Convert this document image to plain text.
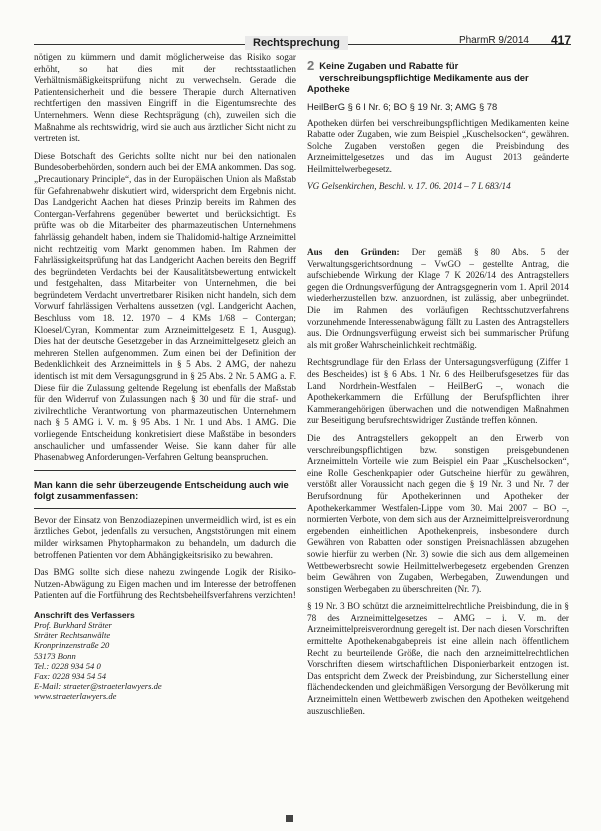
Rechtsprechung	PharmR 9/2014 417

nötigen zu kümmern und damit möglicherweise das Risiko sogar erhöht, so hat dies mit der rechtsstaatlichen Verhältnismäßigkeitsprüfung nicht zu verwechseln. Gerade die Patientensicherheit und die bessere Therapie durch Alternativen rechtfertigen den massiven Eingriff in die Eigentumsrechte des Unternehmers. Wenn diese Rechtsprägung (ch), zuweilen sich die Maßnahme als rechtswidrig, wird sie auch aus ärztlicher Sicht nicht zu vertreten ist.

Diese Botschaft des Gerichts sollte nicht nur bei den nationalen Bundesoberbehörden, sondern auch bei der EMA ankommen. Das sog. „Precautionary Principle“, das in der Europäischen Union als Maßstab für Gefahrenabwehr diskutiert wird, widerspricht dem Ergebnis nicht. Das Landgericht Aachen hat dieses Prinzip bereits im Rahmen des Contergan-Verfahrens gegenüber bewertet und berücksichtigt. Es prüfte was ob die Mitarbeiter des pharmazeutischen Unternehmens fahrlässig gehandelt haben, indem sie Thalidomid-haltige Arzneimittel nicht rechtzeitig vom Markt genommen haben. Im Rahmen der Fahrlässigkeitsprüfung hat das Landgericht Aachen bereits den Begriff des begründeten Verdachts bei der Kausalitätsbewertung entwickelt und festgehalten, dass Mitarbeiter von Unternehmen, die bei begründetem Verdacht unvertretbarer Risiken nicht handeln, sich dem Vorwurf fahrlässigen Verhaltens aussetzen (vgl. Landgericht Aachen, Beschluss vom 18. 12. 1970 – 4 KMs 1/68 – Contergan; Kloesel/Cyran, Kommentar zum Arzneimittelgesetz E 1, Ausgug). Dies hat der deutsche Gesetzgeber in das Arzneimittelgesetz gleich an mehreren Stellen aufgenommen. Zum einen bei der Definition der Bedenklichkeit des Arzneimittels in § 5 Abs. 2 AMG, der nahezu identisch ist mit dem Versagungsgrund in § 25 Abs. 2 Nr. 5 AMG a. F. Diese für die Zulassung geltende Regelung ist ebenfalls der Maßstab für den Widerruf von Zulassungen nach § 30 und für die straf- und zivilrechtliche Verantwortung von pharmazeutischen Unternehmern nach § 5 AMG i. V. m. § 95 Abs. 1 Nr. 1 und Abs. 1 AMG. Die vorliegende Entscheidung konkretisiert diese Maßstäbe in besonders anschaulicher und umfassender Weise. Sie kann daher für alle Phasenabweg Anforderungen-Verfahren Geltung beanspruchen.

Man kann die sehr überzeugende Entscheidung auch wie folgt zusammenfassen:

Bevor der Einsatz von Benzodiazepinen unvermeidlich wird, ist es ein ärztliches Gebot, jedenfalls zu versuchen, Angststörungen mit einem milder wirksamen Phytopharmakon zu behandeln, um dadurch die betroffenen Patienten vor dem Abhängigkeitsrisiko zu bewahren.

Das BMG sollte sich diese nahezu zwingende Logik der Risiko-Nutzen-Abwägung zu Eigen machen und im Interesse der betroffenen Patienten auf die Fortführung des Rechtsbeheilfsverfahrens verzichten!

Anschrift des Verfassers
Prof. Burkhard Sträter
Sträter Rechtsanwälte
Kronprinzenstraße 20
53173 Bonn
Tel.: 0228 934 54 0
Fax: 0228 934 54 54
E-Mail: straeter@straeterlawyers.de
www.straeterlawyers.de
2 Keine Zugaben und Rabatte für verschreibungspflichtige Medikamente aus der Apotheke
HeilBerG § 6 I Nr. 6; BO § 19 Nr. 3; AMG § 78

Apotheken dürfen bei verschreibungspflichtigen Medikamenten keine Rabatte oder Zugaben, wie zum Beispiel „Kuschelsocken“, gewähren. Solche Zugaben verstoßen gegen die Preisbindung des Arzneimittelgesetzes und das im August 2013 geänderte Heilmittelwerbegesetz.

VG Gelsenkirchen, Beschl. v. 17. 06. 2014 – 7 L 683/14

Aus den Gründen: Der gemäß § 80 Abs. 5 der Verwaltungsgerichtsordnung – VwGO – gestellte Antrag, die aufschiebende Wirkung der Klage 7 K 2026/14 des Antragstellers gegen die Ordnungsverfügung der Antragsgegnerin vom 1. April 2014 wiederherzustellen bzw. anzuordnen, ist zulässig, aber unbegründet. Die im Rahmen des vorläufigen Rechtsschutzverfahrens vorzunehmende Interessenabwägung fällt zu Lasten des Antragstellers aus. Die Ordnungsverfügung erweist sich bei summarischer Prüfung als mit großer Wahrscheinlichkeit rechtmäßig.

Rechtsgrundlage für den Erlass der Untersagungsverfügung (Ziffer 1 des Bescheides) ist § 6 Abs. 1 Nr. 6 des Heilberufsgesetzes für das Land Nordrhein-Westfalen – HeilBerG –, wonach die Apothekerkammern die Erfüllung der Berufspflichten ihrer Kammerangehörigen überwachen und die notwendigen Maßnahmen zur Beseitigung berufsrechtswidriger Zustände treffen können.

Die des Antragstellers gekoppelt an den Erwerb von verschreibungspflichtigen bzw. sonstigen preisgebundenen Arzneimitteln Vorteile wie zum Beispiel ein Paar „Kuschelsocken“, eine Rolle Geschenkpapier oder Gutscheine hierfür zu gewähren, verstößt aller Voraussicht nach gegen die § 19 Nr. 3 und Nr. 7 der Berufsordnung für Apothekerinnen und Apotheker der Apothekerkammer Westfalen-Lippe vom 30. Mai 2007 – BO –, normierten Verbote, von dem sich aus der Arzneimittelpreisverordnung ergebenden einheitlichen Apothekenpreis, insbesondere durch Gewähren von Rabatten oder sonstigen Preisnachlässen abzugehen sowie hierfür zu werben (Nr. 3) sowie die sich aus dem allgemeinen Wettbewerbsrecht sowie Heilmittelwerbegesetz ergebenden Grenzen beim Gewähren von Zugaben, Werbegaben, Zuwendungen und sonstigen Werbegaben zu überschreiten (Nr. 7).

§ 19 Nr. 3 BO schützt die arzneimittelrechtliche Preisbindung, die in § 78 des Arzneimittelgesetzes – AMG – i. V. m. der Arzneimittelpreisverordnung geregelt ist. Der nach diesen Vorschriften ermittelte Apothekenabgabepreis ist eine allein nach öffentlichem Recht zu beurteilende Größe, die nach den arzneimittelrechtlichen Vorschriften diesem wirtschaftlichen Disponierbarkeit entzogen ist. Das entspricht dem Zweck der Preisbindung, zur Sicherstellung einer flächendeckenden und gleichmäßigen Versorgung der Bevölkerung mit Arzneimitteln einen Wettbewerb zwischen den Apotheken weitgehend auszuschließen.
